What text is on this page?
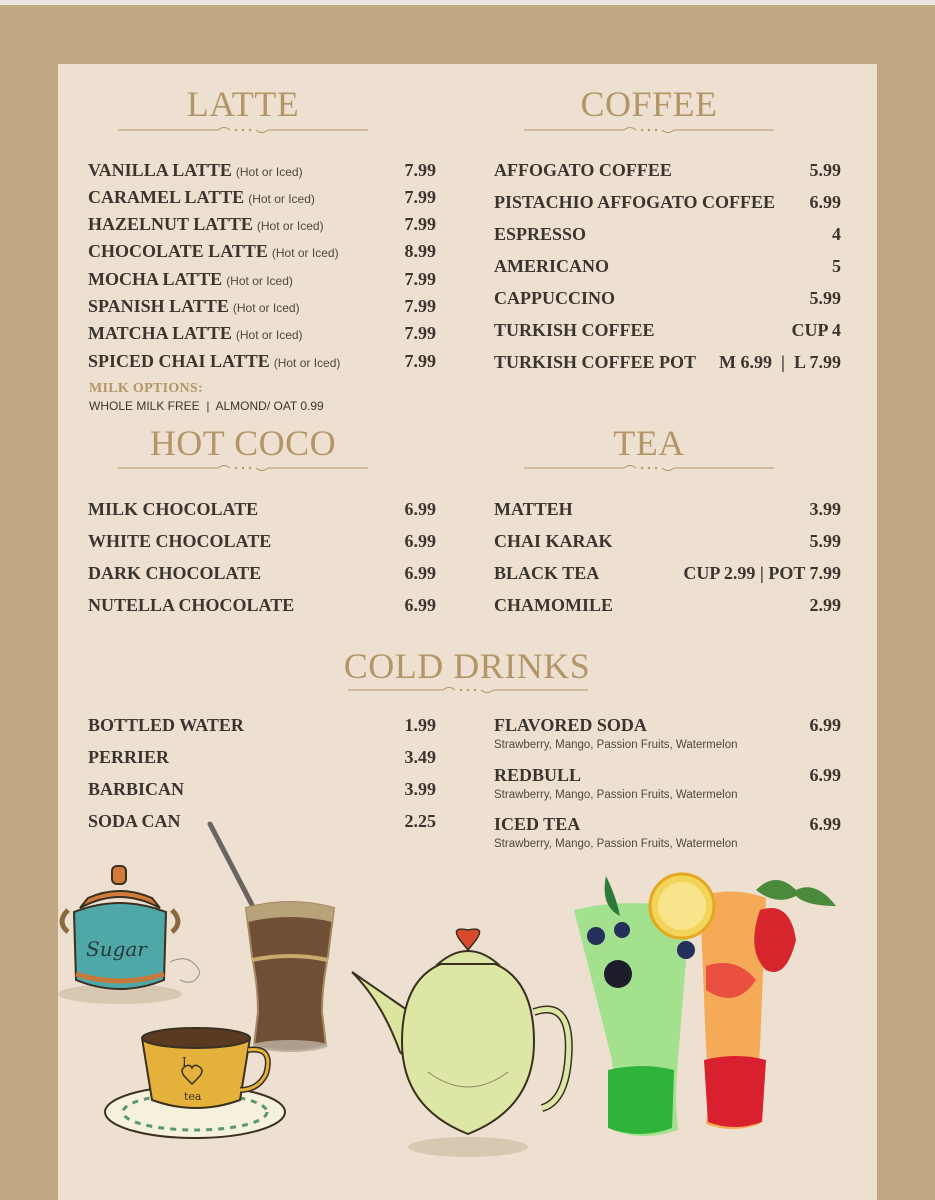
LATTE
VANILLA LATTE (Hot or Iced)	7.99
CARAMEL LATTE (Hot or Iced)	7.99
HAZELNUT LATTE (Hot or Iced)	7.99
CHOCOLATE LATTE (Hot or Iced)	8.99
MOCHA LATTE (Hot or Iced)	7.99
SPANISH LATTE (Hot or Iced)	7.99
MATCHA LATTE (Hot or Iced)	7.99
SPICED CHAI LATTE (Hot or Iced)	7.99
MILK OPTIONS:
WHOLE MILK FREE  |  ALMOND/ OAT 0.99
COFFEE
AFFOGATO COFFEE	5.99
PISTACHIO AFFOGATO COFFEE 6.99
ESPRESSO	4
AMERICANO	5
CAPPUCCINO	5.99
TURKISH COFFEE	CUP 4
TURKISH COFFEE POT M 6.99  |  L 7.99
HOT COCO
MILK CHOCOLATE	6.99
WHITE CHOCOLATE	6.99
DARK CHOCOLATE	6.99
NUTELLA CHOCOLATE	6.99
TEA
MATTEH	3.99
CHAI KARAK	5.99
BLACK TEA	CUP 2.99 | POT 7.99
CHAMOMILE	2.99
COLD DRINKS
BOTTLED WATER	1.99
PERRIER	3.49
BARBICAN	3.99
SODA CAN	2.25
FLAVORED SODA	6.99
Strawberry, Mango, Passion Fruits, Watermelon
REDBULL	6.99
Strawberry, Mango, Passion Fruits, Watermelon
ICED TEA	6.99
Strawberry, Mango, Passion Fruits, Watermelon
Sugar
I
tea
